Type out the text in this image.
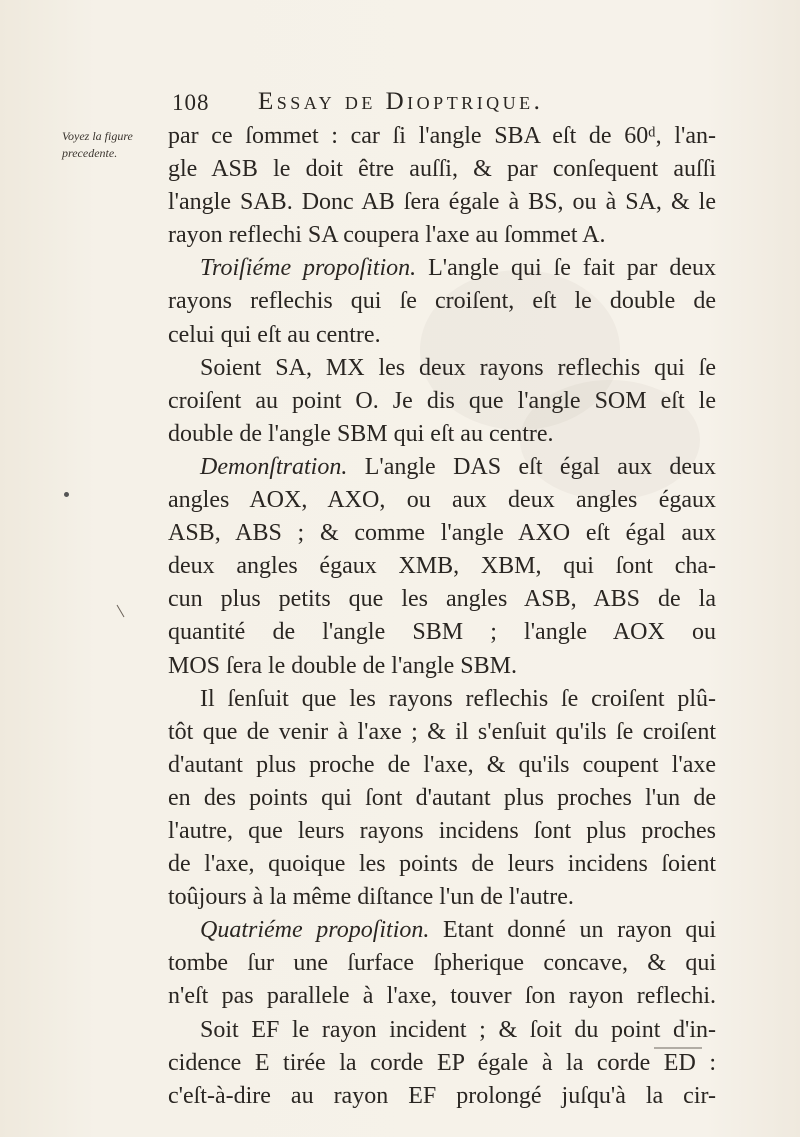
108 Essay de Dioptrique.
Voyez la figure
precedente.
par ce ſommet : car ſi l'angle SBA eſt de 60ᵈ, l'an-
gle ASB le doit être auſſi, & par conſequent auſſi
l'angle SAB. Donc AB ſera égale à BS, ou à SA, & le
rayon reflechi SA coupera l'axe au ſommet A.
Troiſiéme propoſition. L'angle qui ſe fait par deux
rayons reflechis qui ſe croiſent, eſt le double de
celui qui eſt au centre.
Soient SA, MX les deux rayons reflechis qui ſe
croiſent au point O. Je dis que l'angle SOM eſt le
double de l'angle SBM qui eſt au centre.
Demonſtration. L'angle DAS eſt égal aux deux
angles AOX, AXO, ou aux deux angles égaux
ASB, ABS ; & comme l'angle AXO eſt égal aux
deux angles égaux XMB, XBM, qui ſont cha-
cun plus petits que les angles ASB, ABS de la
quantité de l'angle SBM ; l'angle AOX ou
MOS ſera le double de l'angle SBM.
Il ſenſuit que les rayons reflechis ſe croiſent plû-
tôt que de venir à l'axe ; & il s'enſuit qu'ils ſe croiſent
d'autant plus proche de l'axe, & qu'ils coupent l'axe
en des points qui ſont d'autant plus proches l'un de
l'autre, que leurs rayons incidens ſont plus proches
de l'axe, quoique les points de leurs incidens ſoient
toûjours à la même diſtance l'un de l'autre.
Quatriéme propoſition. Etant donné un rayon qui
tombe ſur une ſurface ſpherique concave, & qui
n'eſt pas parallele à l'axe, touver ſon rayon reflechi.
Soit EF le rayon incident ; & ſoit du point d'in-
cidence E tirée la corde EP égale à la corde ED :
c'eſt-à-dire au rayon EF prolongé juſqu'à la cir-
